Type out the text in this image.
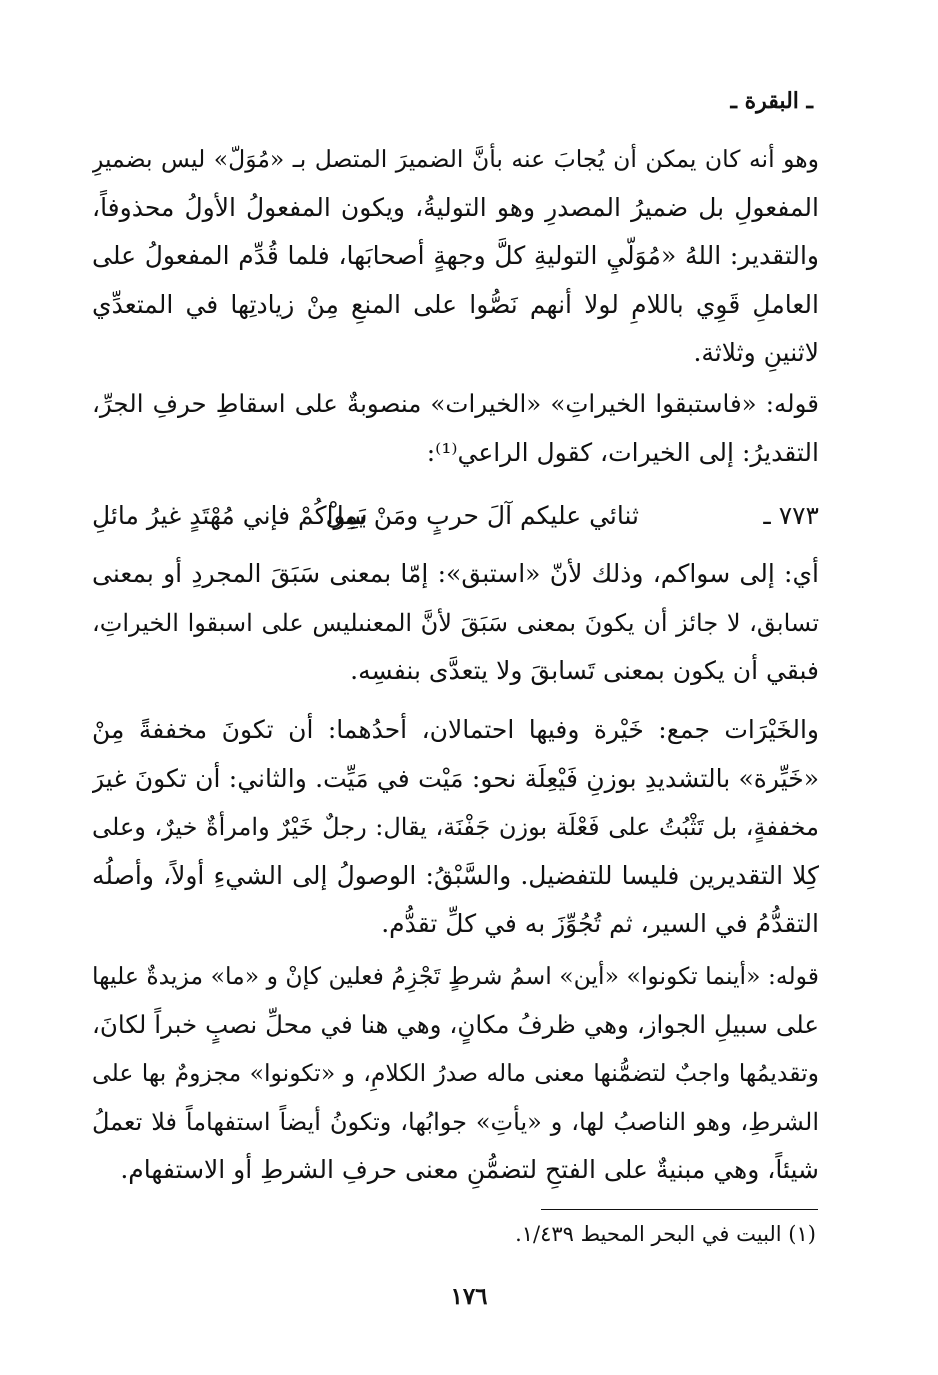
ـ البقرة ـ
وهو أنه كان يمكن أن يُجابَ عنه بأنَّ الضميرَ المتصل بـ «مُوَلّ» ليس بضميرِ
المفعولِ بل ضميرُ المصدرِ وهو التوليةُ، ويكون المفعولُ الأولُ محذوفاً،
والتقدير: اللهُ «مُوَلّيِ التوليةِ كلَّ وجهةٍ أصحابَها، فلما قُدِّم المفعولُ على
العاملِ قَوِي باللامِ لولا أنهم نَصُّوا على المنعِ مِنْ زيادتِها في المتعدِّي
لاثنينِ وثلاثة.
قوله: «فاستبقوا الخيراتِ» «الخيرات» منصوبةٌ على اسقاطِ حرفِ الجرِّ،
التقديرُ: إلى الخيرات، كقول الراعي⁽¹⁾:
٧٧٣ ـ
ثنائي عليكم آلَ حربٍ ومَنْ يَمِلْ
سِواكُمْ فإني مُهْتَدٍ غيرُ مائلِ
أي: إلى سواكم، وذلك لأنّ «استبق»: إمّا بمعنى سَبَقَ المجردِ أو بمعنى
تسابق، لا جائز أن يكونَ بمعنى سَبَقَ لأنَّ المعنىليس على اسبقوا الخيراتِ،
فبقي أن يكون بمعنى تَسابقَ ولا يتعدَّى بنفسِه.
والخَيْرَات جمع: خَيْرة وفيها احتمالان، أحدُهما: أن تكونَ مخففةً مِنْ
«خَيِّرة» بالتشديدِ بوزنِ فَيْعِلَة نحو: مَيْت في مَيِّت. والثاني: أن تكونَ غيرَ
مخففةٍ، بل تَثْبُتُ على فَعْلَة بوزن جَفْنَة، يقال: رجلٌ خَيْرٌ وامرأةٌ خيرٌ، وعلى
كِلا التقديرين فليسا للتفضيل. والسَّبْقُ: الوصولُ إلى الشيءِ أولاً، وأصلُه
التقدُّمُ في السير، ثم تُجُوِّزَ به في كلِّ تقدُّم.
قوله: «أينما تكونوا» «أين» اسمُ شرطٍ تَجْزِمُ فعلين كإنْ و «ما» مزيدةٌ عليها
على سبيلِ الجواز، وهي ظرفُ مكانٍ، وهي هنا في محلِّ نصبٍ خبراً لكانَ،
وتقديمُها واجبٌ لتضمُّنها معنى ماله صدرُ الكلامِ، و «تكونوا» مجزومٌ بها على
الشرطِ، وهو الناصبُ لها، و «يأتِ» جوابُها، وتكونُ أيضاً استفهاماً فلا تعملُ
شيئاً، وهي مبنيةٌ على الفتحِ لتضمُّنِ معنى حرفِ الشرطِ أو الاستفهام.
(١) البيت في البحر المحيط ١/٤٣٩.
١٧٦
